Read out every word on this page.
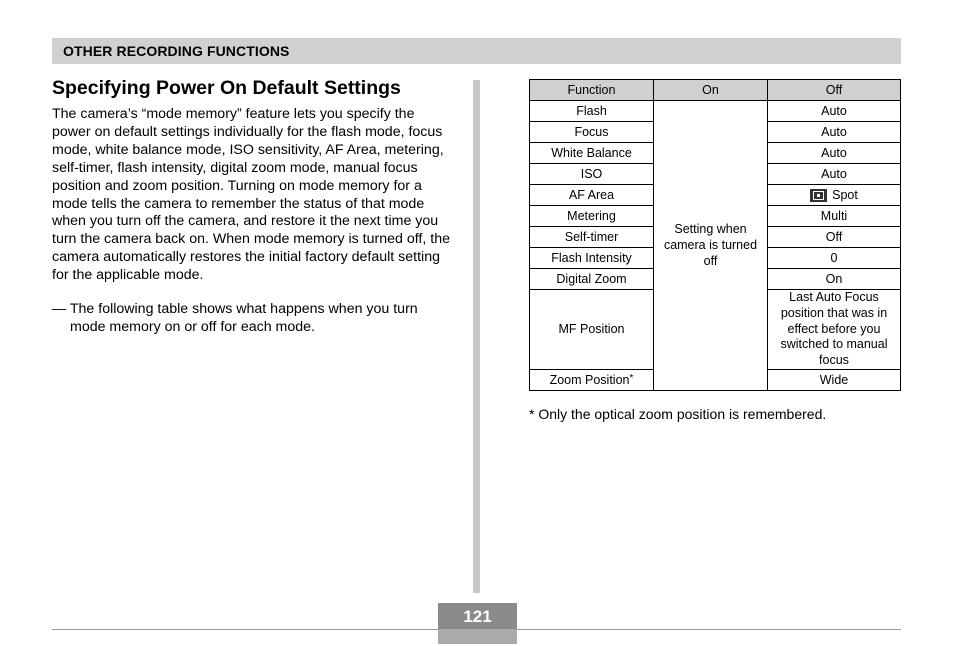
OTHER RECORDING FUNCTIONS
Specifying Power On Default Settings

The camera’s “mode memory” feature lets you specify the power on default settings individually for the flash mode, focus mode, white balance mode, ISO sensitivity, AF Area, metering, self-timer, flash intensity, digital zoom mode, manual focus position and zoom position. Turning on mode memory for a mode tells the camera to remember the status of that mode when you turn off the camera, and restore it the next time you turn the camera back on. When mode memory is turned off, the camera automatically restores the initial factory default setting for the applicable mode.

— The following table shows what happens when you turn mode memory on or off for each mode.

Function	On	Off
Flash	Setting when camera is turned off	Auto
Focus		Auto
White Balance		Auto
ISO		Auto
AF Area		Spot
Metering		Multi
Self-timer		Off
Flash Intensity		0
Digital Zoom		On
MF Position		Last Auto Focus position that was in effect before you switched to manual focus
Zoom Position*		Wide
* Only the optical zoom position is remembered.
121
